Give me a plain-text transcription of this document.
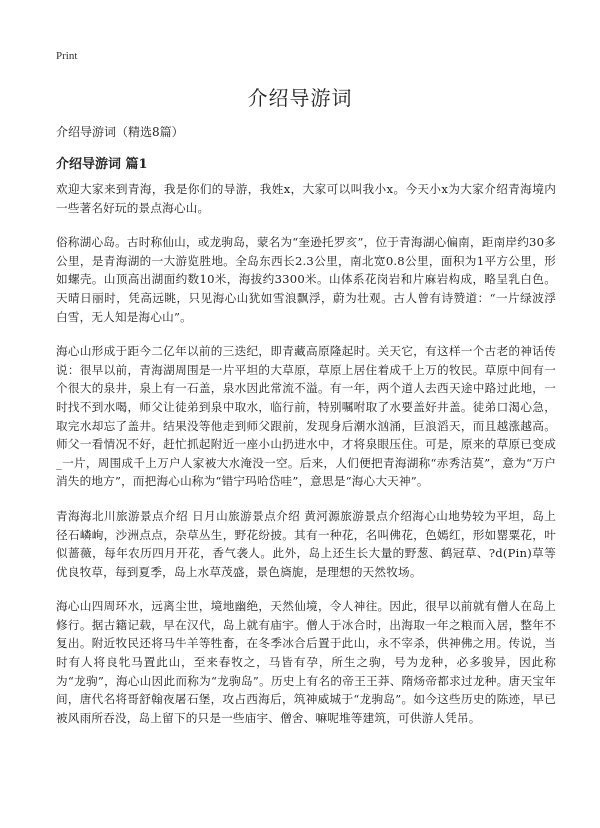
Print
介绍导游词

介绍导游词（精选8篇）

介绍导游词 篇1

欢迎大家来到青海，我是你们的导游，我姓x，大家可以叫我小x。今天小x为大家介绍青海境内一些著名好玩的景点海心山。

俗称湖心岛。古时称仙山，或龙驹岛，蒙名为“奎逊托罗亥”，位于青海湖心偏南，距南岸约30多公里，是青海湖的一大游览胜地。全岛东西长2.3公里，南北宽0.8公里，面积为1平方公里，形如螺壳。山顶高出湖面约数10米，海拔约3300米。山体系花岗岩和片麻岩构成，略呈乳白色。天晴日丽时，凭高远眺，只见海心山犹如雪浪飘浮，蔚为壮观。古人曾有诗赞道：“一片绿波浮白雪，无人知是海心山”。

海心山形成于距今二亿年以前的三迭纪，即青藏高原隆起时。关天它，有这样一个古老的神话传说：很早以前，青海湖周围是一片平坦的大草原，草原上居住着成千上万的牧民。草原中间有一个很大的泉井，泉上有一石盖，泉水因此常流不溢。有一年，两个道人去西天途中路过此地，一时找不到水喝，师父让徒弟到泉中取水，临行前，特别嘱咐取了水要盖好井盖。徒弟口渴心急，取完水却忘了盖井。结果没等他走到师父跟前，发现身后潮水汹涌，巨浪滔天，而且越涨越高。师父一看情况不好，赶忙抓起附近一座小山扔进水中，才将泉眼压住。可是，原来的草原已变成_一片，周围成千上万户人家被大水淹没一空。后来，人们便把青海湖称“赤秀洁莫”，意为“万户消失的地方”，而把海心山称为“错宁玛哈岱哇”，意思是“海心大天神”。

青海海北川旅游景点介绍 日月山旅游景点介绍 黄河源旅游景点介绍海心山地势较为平坦，岛上径石嶙峋，沙洲点点，杂草丛生，野花纷披。其有一种花，名叫佛花，色嫣红，形如罂粟花，叶似蔷薇，每年农历四月开花，香气袭人。此外，岛上还生长大量的野葱、鹤冠草、?d(Pin)草等优良牧草，每到夏季，岛上水草茂盛，景色旖旎，是理想的天然牧场。

海心山四周环水，远离尘世，境地幽绝，天然仙境，令人神往。因此，很早以前就有僧人在岛上修行。据古籍记载，早在汉代，岛上就有庙宇。僧人于冰合时，出海取一年之粮而入居，整年不复出。附近牧民还将马牛羊等牲畜，在冬季冰合后置于此山，永不宰杀，供神佛之用。传说，当时有人将良牝马置此山，至来春牧之，马皆有孕，所生之驹，号为龙种，必多骏异，因此称为“龙驹”，海心山因此而称为“龙驹岛”。历史上有名的帝王王莽、隋炀帝都求过龙种。唐天宝年间，唐代名将哥舒翰夜屠石堡，攻占西海后，筑神威城于“龙驹岛”。如今这些历史的陈迹，早已被风雨所吞没，岛上留下的只是一些庙宇、僧舍、嘛呢堆等建筑，可供游人凭吊。
